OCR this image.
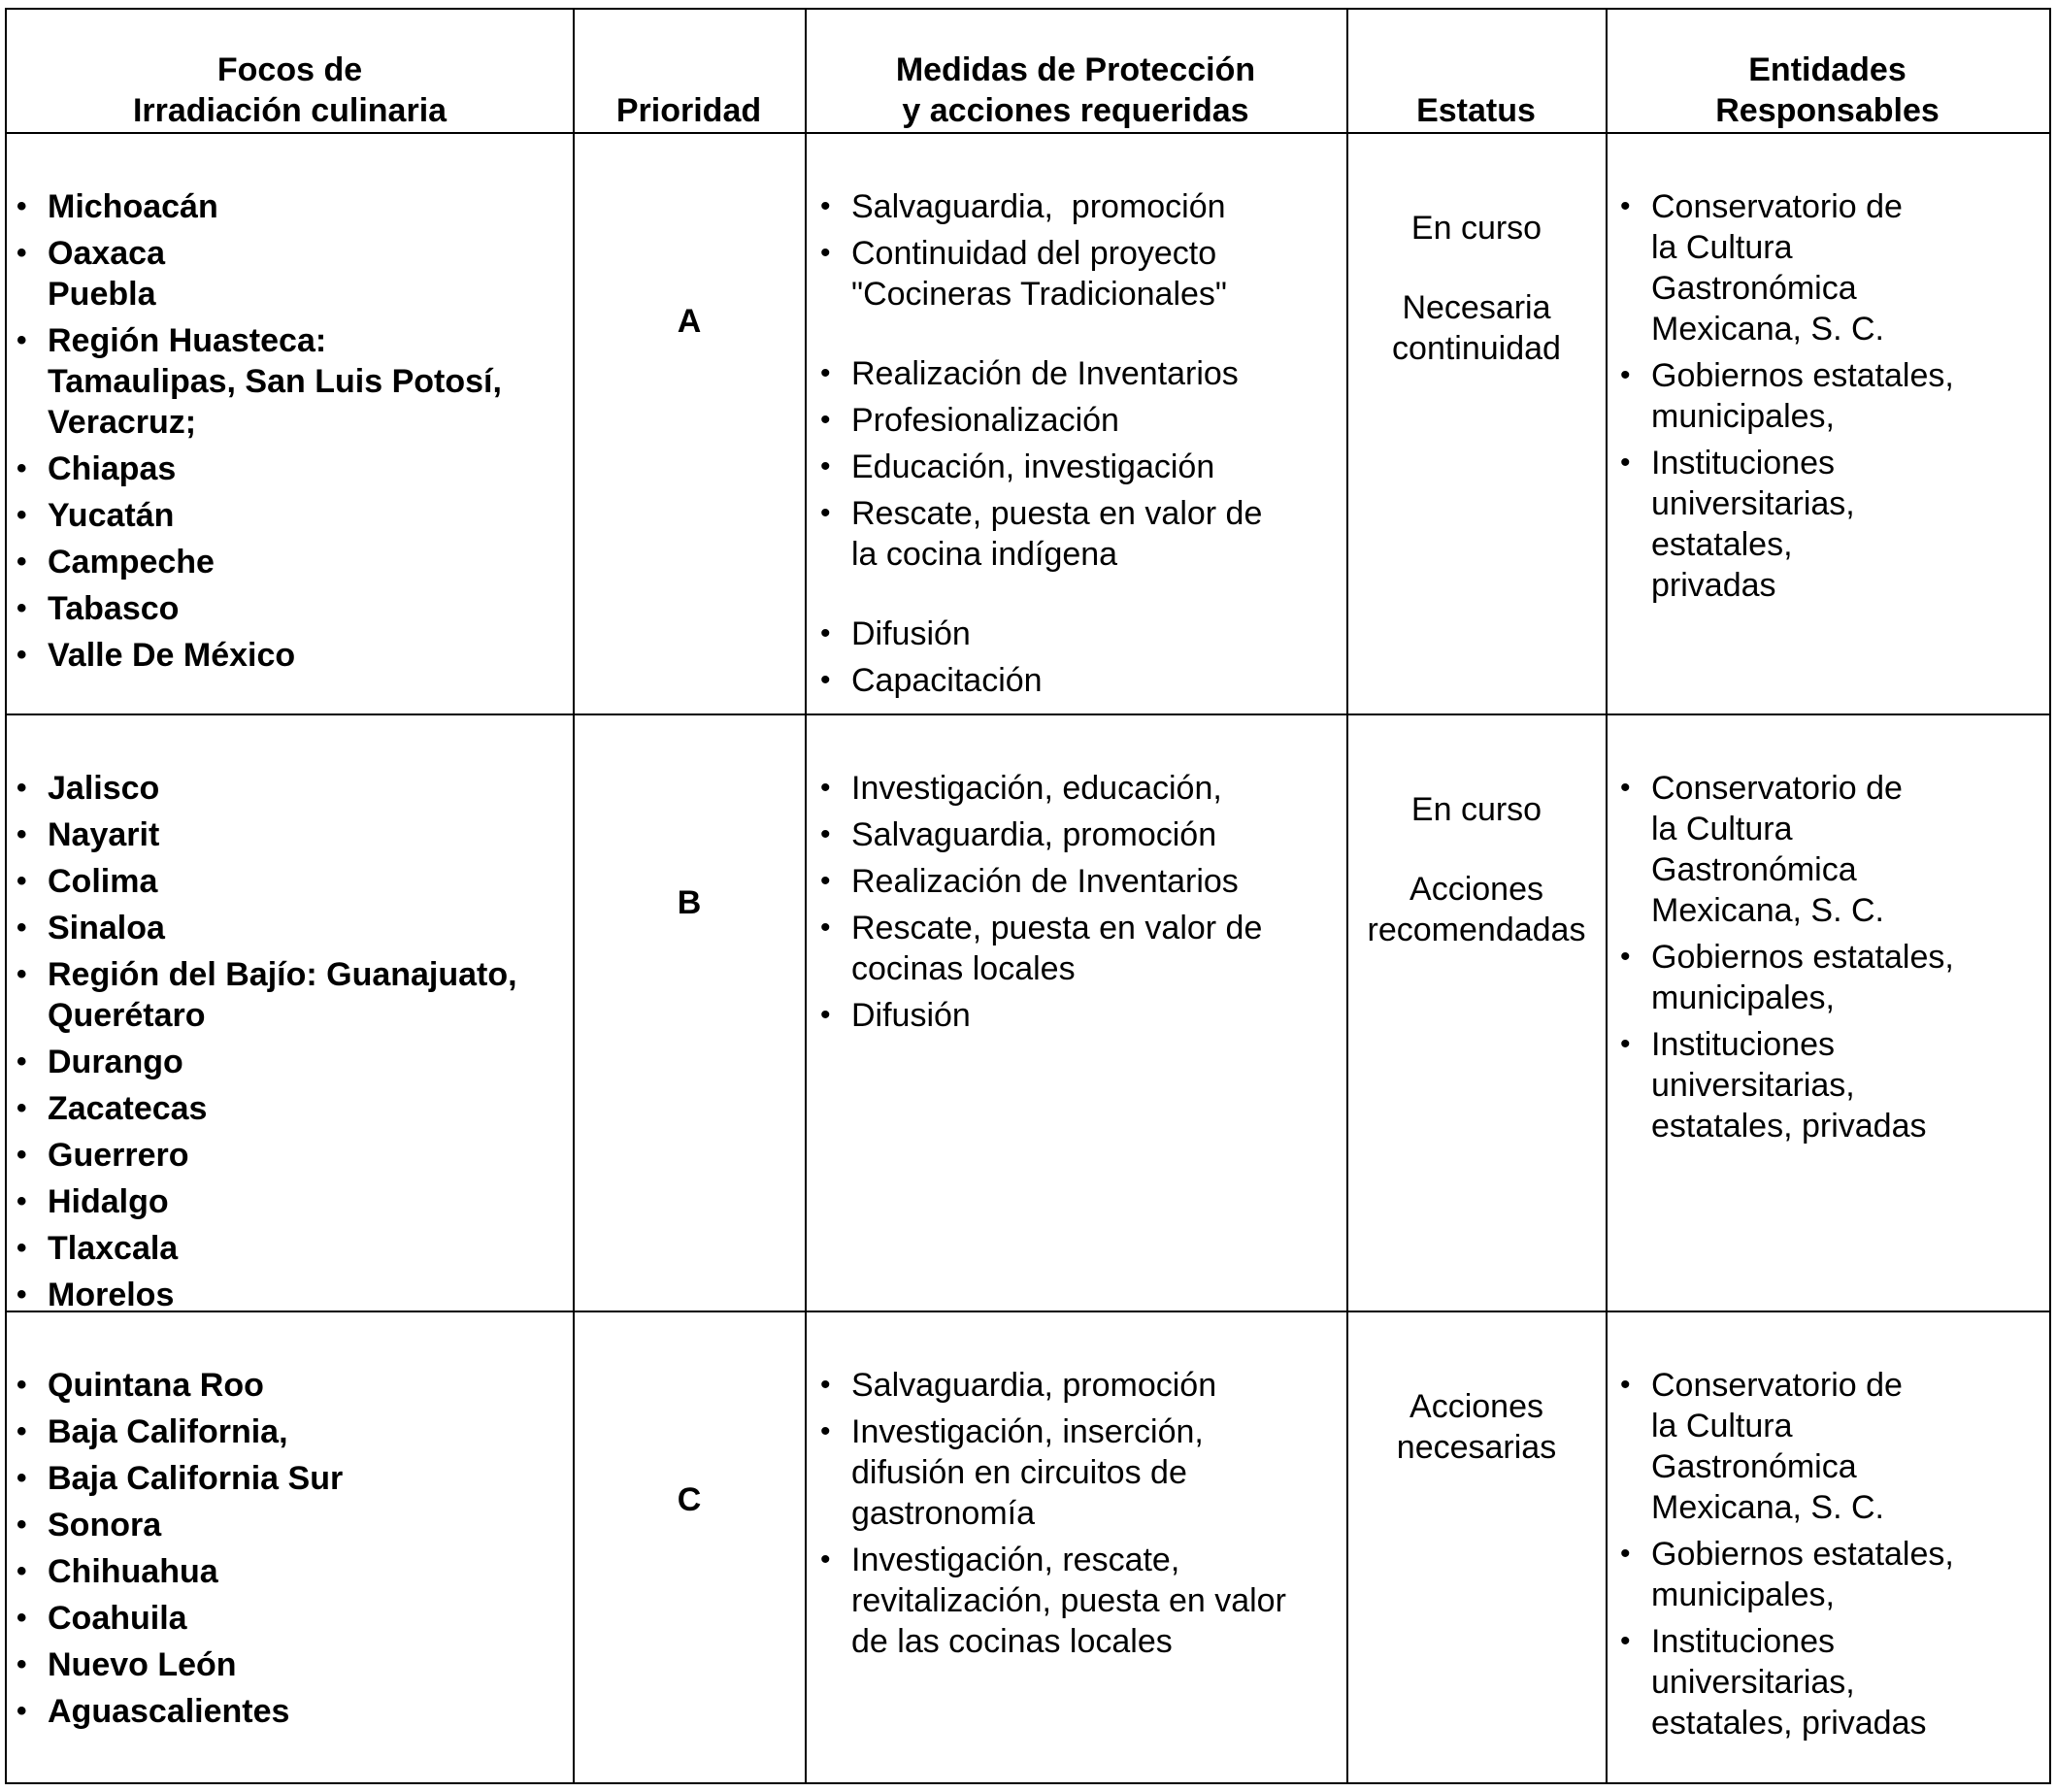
Focos de
Irradiación culinaria	Prioridad
Medidas de Protección
y acciones requeridas	Estatus
Entidades
Responsables
• Michoacán
• Oaxaca
Puebla
• Región Huasteca:
Tamaulipas, San Luis Potosí,
Veracruz;
• Chiapas
• Yucatán
• Campeche
• Tabasco
• Valle De México
A
• Salvaguardia,  promoción
• Continuidad del proyecto
"Cocineras Tradicionales"
• Realización de Inventarios
• Profesionalización
• Educación, investigación
• Rescate, puesta en valor de
la cocina indígena
• Difusión
• Capacitación
En curso
Necesaria
continuidad
• Conservatorio de
la Cultura
Gastronómica
Mexicana, S. C.
• Gobiernos estatales,
municipales,
• Instituciones
universitarias,
estatales,
privadas
• Jalisco
• Nayarit
• Colima
• Sinaloa
• Región del Bajío: Guanajuato,
Querétaro
• Durango
• Zacatecas
• Guerrero
• Hidalgo
• Tlaxcala
• Morelos
B
• Investigación, educación,
• Salvaguardia, promoción
• Realización de Inventarios
• Rescate, puesta en valor de
cocinas locales
• Difusión
En curso
Acciones
recomendadas
• Conservatorio de
la Cultura
Gastronómica
Mexicana, S. C.
• Gobiernos estatales,
municipales,
• Instituciones
universitarias,
estatales, privadas
• Quintana Roo
• Baja California,
• Baja California Sur
• Sonora
• Chihuahua
• Coahuila
• Nuevo León
• Aguascalientes
C
• Salvaguardia, promoción
• Investigación, inserción,
difusión en circuitos de
gastronomía
• Investigación, rescate,
revitalización, puesta en valor
de las cocinas locales
Acciones
necesarias
• Conservatorio de
la Cultura
Gastronómica
Mexicana, S. C.
• Gobiernos estatales,
municipales,
• Instituciones
universitarias,
estatales, privadas
